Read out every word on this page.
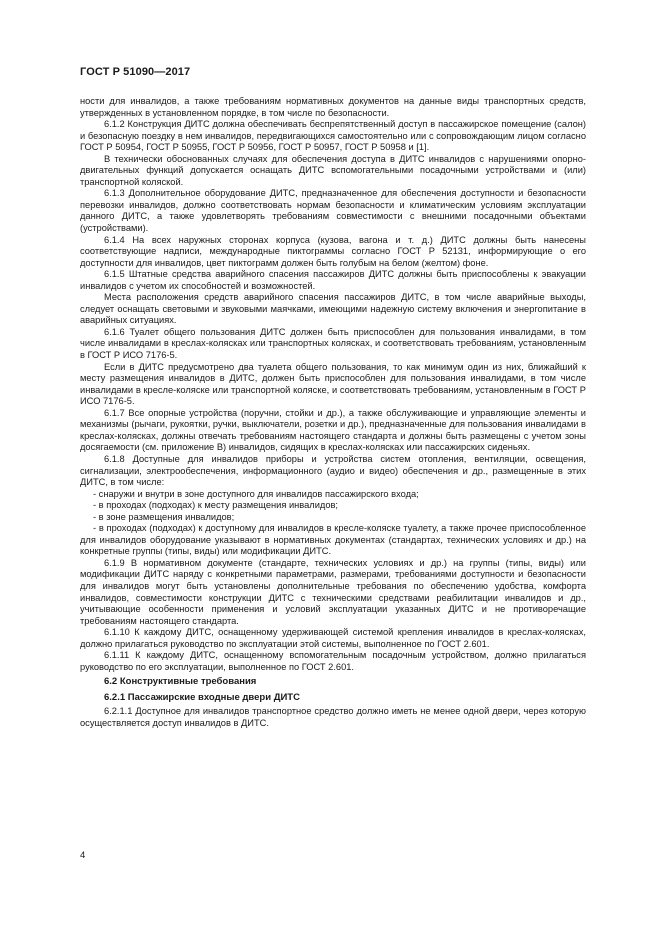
ГОСТ Р 51090—2017

ности для инвалидов, а также требованиям нормативных документов на данные виды транспортных средств, утвержденных в установленном порядке, в том числе по безопасности.

6.1.2 Конструкция ДИТС должна обеспечивать беспрепятственный доступ в пассажирское помещение (салон) и безопасную поездку в нем инвалидов, передвигающихся самостоятельно или с сопровождающим лицом согласно ГОСТ Р 50954, ГОСТ Р 50955, ГОСТ Р 50956, ГОСТ Р 50957, ГОСТ Р 50958 и [1].

В технически обоснованных случаях для обеспечения доступа в ДИТС инвалидов с нарушениями опорно-двигательных функций допускается оснащать ДИТС вспомогательными посадочными устройствами и (или) транспортной коляской.

6.1.3 Дополнительное оборудование ДИТС, предназначенное для обеспечения доступности и безопасности перевозки инвалидов, должно соответствовать нормам безопасности и климатическим условиям эксплуатации данного ДИТС, а также удовлетворять требованиям совместимости с внешними посадочными объектами (устройствами).

6.1.4 На всех наружных сторонах корпуса (кузова, вагона и т. д.) ДИТС должны быть нанесены соответствующие надписи, международные пиктограммы согласно ГОСТ Р 52131, информирующие о его доступности для инвалидов, цвет пиктограмм должен быть голубым на белом (желтом) фоне.

6.1.5 Штатные средства аварийного спасения пассажиров ДИТС должны быть приспособлены к эвакуации инвалидов с учетом их способностей и возможностей.

Места расположения средств аварийного спасения пассажиров ДИТС, в том числе аварийные выходы, следует оснащать световыми и звуковыми маячками, имеющими надежную систему включения и энергопитание в аварийных ситуациях.

6.1.6 Туалет общего пользования ДИТС должен быть приспособлен для пользования инвалидами, в том числе инвалидами в креслах-колясках или транспортных колясках, и соответствовать требованиям, установленным в ГОСТ Р ИСО 7176-5.

Если в ДИТС предусмотрено два туалета общего пользования, то как минимум один из них, ближайший к месту размещения инвалидов в ДИТС, должен быть приспособлен для пользования инвалидами, в том числе инвалидами в кресле-коляске или транспортной коляске, и соответствовать требованиям, установленным в ГОСТ Р ИСО 7176-5.

6.1.7 Все опорные устройства (поручни, стойки и др.), а также обслуживающие и управляющие элементы и механизмы (рычаги, рукоятки, ручки, выключатели, розетки и др.), предназначенные для пользования инвалидами в креслах-колясках, должны отвечать требованиям настоящего стандарта и должны быть размещены с учетом зоны досягаемости (см. приложение В) инвалидов, сидящих в креслах-колясках или пассажирских сиденьях.

6.1.8 Доступные для инвалидов приборы и устройства систем отопления, вентиляции, освещения, сигнализации, электрообеспечения, информационного (аудио и видео) обеспечения и др., размещенные в этих ДИТС, в том числе:

- снаружи и внутри в зоне доступного для инвалидов пассажирского входа;

- в проходах (подходах) к месту размещения инвалидов;

- в зоне размещения инвалидов;

- в проходах (подходах) к доступному для инвалидов в кресле-коляске туалету, а также прочее приспособленное для инвалидов оборудование указывают в нормативных документах (стандартах, технических условиях и др.) на конкретные группы (типы, виды) или модификации ДИТС.

6.1.9 В нормативном документе (стандарте, технических условиях и др.) на группы (типы, виды) или модификации ДИТС наряду с конкретными параметрами, размерами, требованиями доступности и безопасности для инвалидов могут быть установлены дополнительные требования по обеспечению удобства, комфорта инвалидов, совместимости конструкции ДИТС с техническими средствами реабилитации инвалидов и др., учитывающие особенности применения и условий эксплуатации указанных ДИТС и не противоречащие требованиям настоящего стандарта.

6.1.10 К каждому ДИТС, оснащенному удерживающей системой крепления инвалидов в креслах-колясках, должно прилагаться руководство по эксплуатации этой системы, выполненное по ГОСТ 2.601.

6.1.11 К каждому ДИТС, оснащенному вспомогательным посадочным устройством, должно прилагаться руководство по его эксплуатации, выполненное по ГОСТ 2.601.

6.2 Конструктивные требования
6.2.1 Пассажирские входные двери ДИТС

6.2.1.1 Доступное для инвалидов транспортное средство должно иметь не менее одной двери, через которую осуществляется доступ инвалидов в ДИТС.

4
